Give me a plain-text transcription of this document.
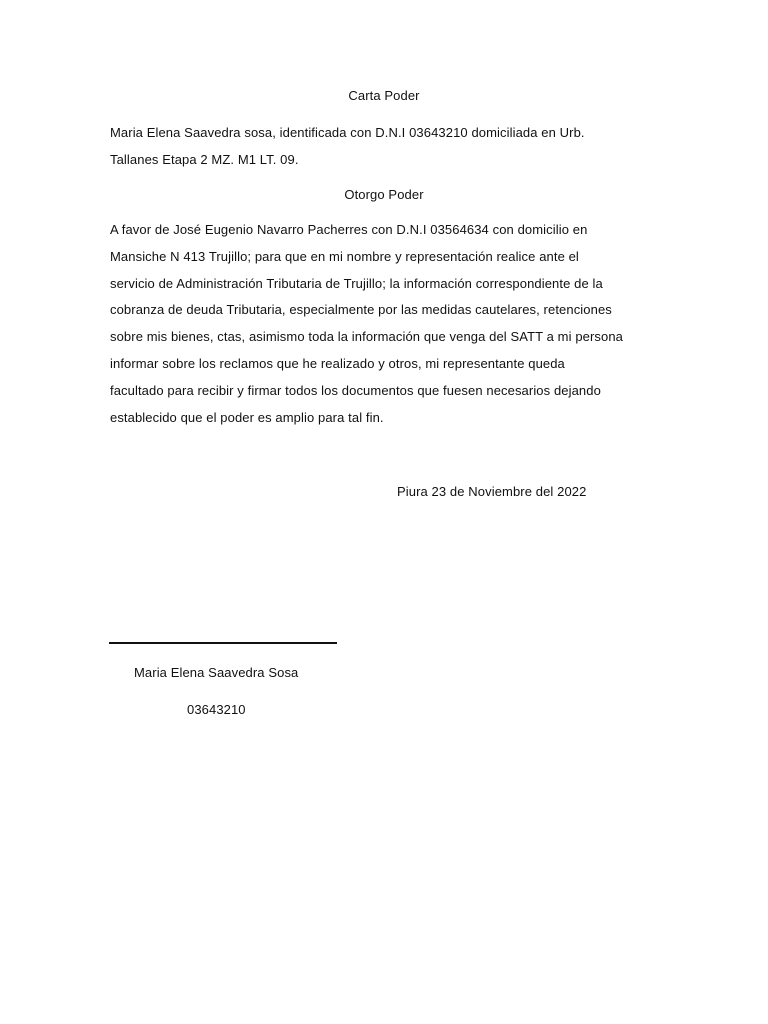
Carta Poder
Maria Elena Saavedra sosa, identificada con D.N.I 03643210 domiciliada en Urb.
Tallanes Etapa 2 MZ. M1 LT. 09.
Otorgo Poder
A favor de José Eugenio Navarro Pacherres con D.N.I 03564634 con domicilio en
Mansiche N 413 Trujillo; para que en mi nombre y representación realice ante el
servicio de Administración Tributaria de Trujillo; la información correspondiente de la
cobranza de deuda Tributaria, especialmente por las medidas cautelares, retenciones
sobre mis bienes, ctas, asimismo toda la información que venga del SATT a mi persona
informar sobre los reclamos que he realizado y otros, mi representante queda
facultado para recibir y firmar todos los documentos que fuesen necesarios dejando
establecido que el poder es amplio para tal fin.
Piura 23 de Noviembre del 2022
Maria Elena Saavedra Sosa
03643210
